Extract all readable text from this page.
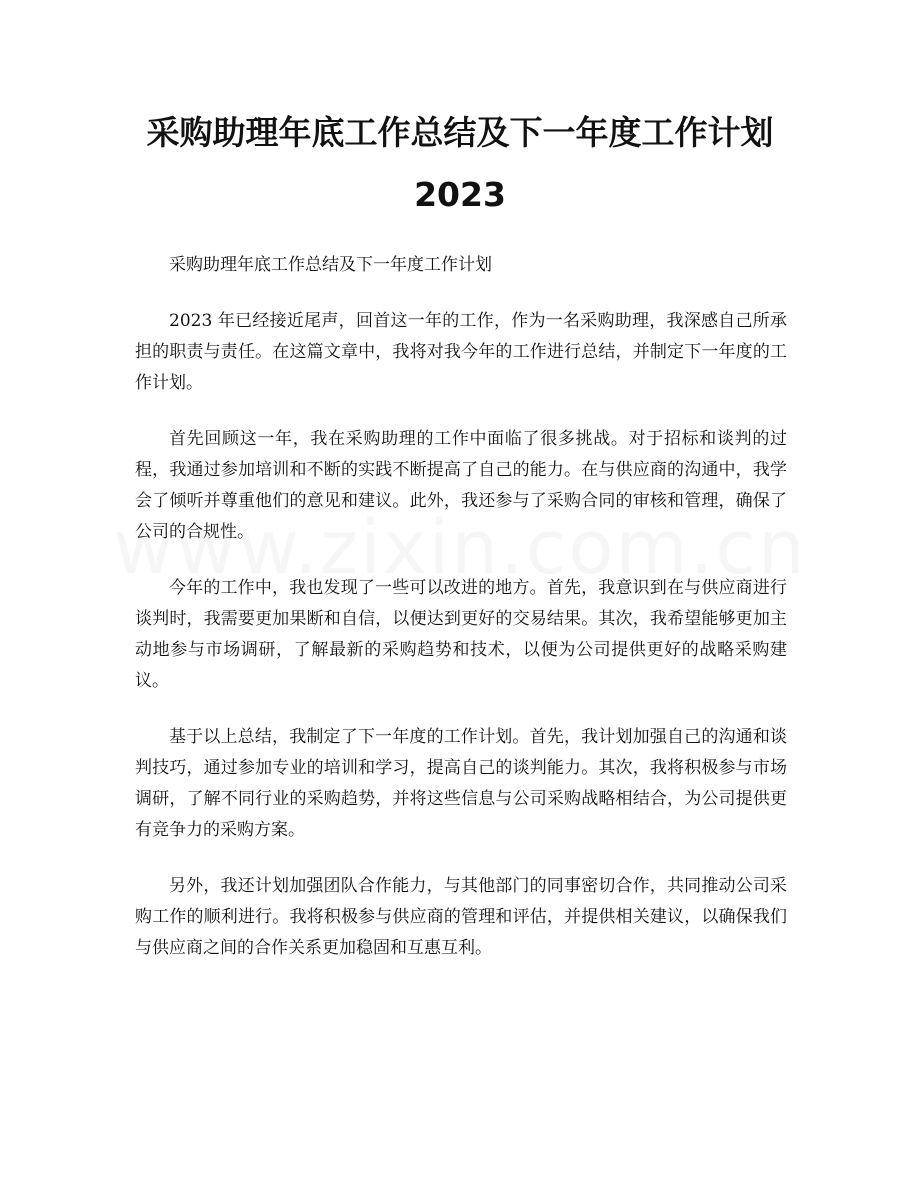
采购助理年底工作总结及下一年度工作计划
2023

采购助理年底工作总结及下一年度工作计划

2023 年已经接近尾声，回首这一年的工作，作为一名采购助理，我深感自己所承担的职责与责任。在这篇文章中，我将对我今年的工作进行总结，并制定下一年度的工作计划。

首先回顾这一年，我在采购助理的工作中面临了很多挑战。对于招标和谈判的过程，我通过参加培训和不断的实践不断提高了自己的能力。在与供应商的沟通中，我学会了倾听并尊重他们的意见和建议。此外，我还参与了采购合同的审核和管理，确保了公司的合规性。

今年的工作中，我也发现了一些可以改进的地方。首先，我意识到在与供应商进行谈判时，我需要更加果断和自信，以便达到更好的交易结果。其次，我希望能够更加主动地参与市场调研，了解最新的采购趋势和技术，以便为公司提供更好的战略采购建议。

基于以上总结，我制定了下一年度的工作计划。首先，我计划加强自己的沟通和谈判技巧，通过参加专业的培训和学习，提高自己的谈判能力。其次，我将积极参与市场调研，了解不同行业的采购趋势，并将这些信息与公司采购战略相结合，为公司提供更有竞争力的采购方案。

另外，我还计划加强团队合作能力，与其他部门的同事密切合作，共同推动公司采购工作的顺利进行。我将积极参与供应商的管理和评估，并提供相关建议，以确保我们与供应商之间的合作关系更加稳固和互惠互利。
